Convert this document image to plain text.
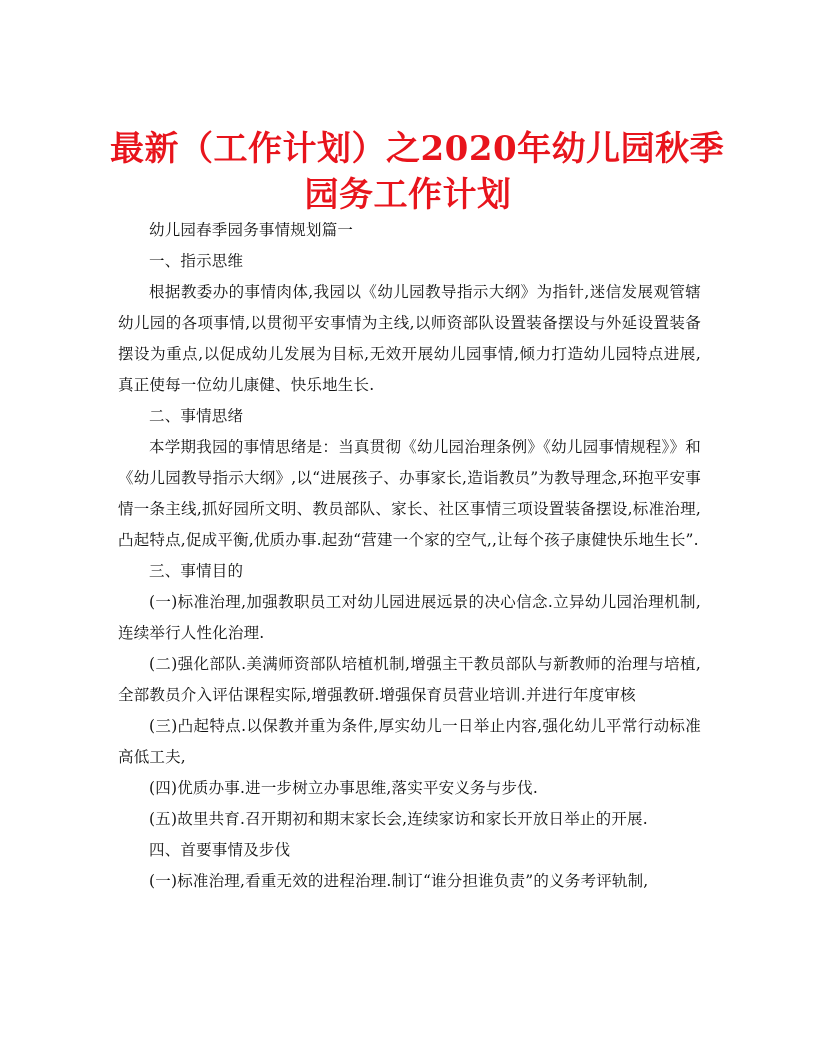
最新（工作计划）之2020年幼儿园秋季
园务工作计划

幼儿园春季园务事情规划篇一

一、指示思维

根据教委办的事情肉体,我园以《幼儿园教导指示大纲》为指针,迷信发展观管辖幼儿园的各项事情,以贯彻平安事情为主线,以师资部队设置装备摆设与外延设置装备摆设为重点,以促成幼儿发展为目标,无效开展幼儿园事情,倾力打造幼儿园特点进展,真正使每一位幼儿康健、快乐地生长.

二、事情思绪

本学期我园的事情思绪是：当真贯彻《幼儿园治理条例》《幼儿园事情规程》》和《幼儿园教导指示大纲》,以“进展孩子、办事家长,造诣教员”为教导理念,环抱平安事情一条主线,抓好园所文明、教员部队、家长、社区事情三项设置装备摆设,标准治理,凸起特点,促成平衡,优质办事.起劲“营建一个家的空气,,让每个孩子康健快乐地生长”.

三、事情目的

(一)标准治理,加强教职员工对幼儿园进展远景的决心信念.立异幼儿园治理机制,连续举行人性化治理.

(二)强化部队.美满师资部队培植机制,增强主干教员部队与新教师的治理与培植,全部教员介入评估课程实际,增强教研.增强保育员营业培训.并进行年度审核

(三)凸起特点.以保教并重为条件,厚实幼儿一日举止内容,强化幼儿平常行动标准高低工夫,

(四)优质办事.进一步树立办事思维,落实平安义务与步伐.

(五)故里共育.召开期初和期末家长会,连续家访和家长开放日举止的开展.

四、首要事情及步伐

(一)标准治理,看重无效的进程治理.制订“谁分担谁负责”的义务考评轨制,
